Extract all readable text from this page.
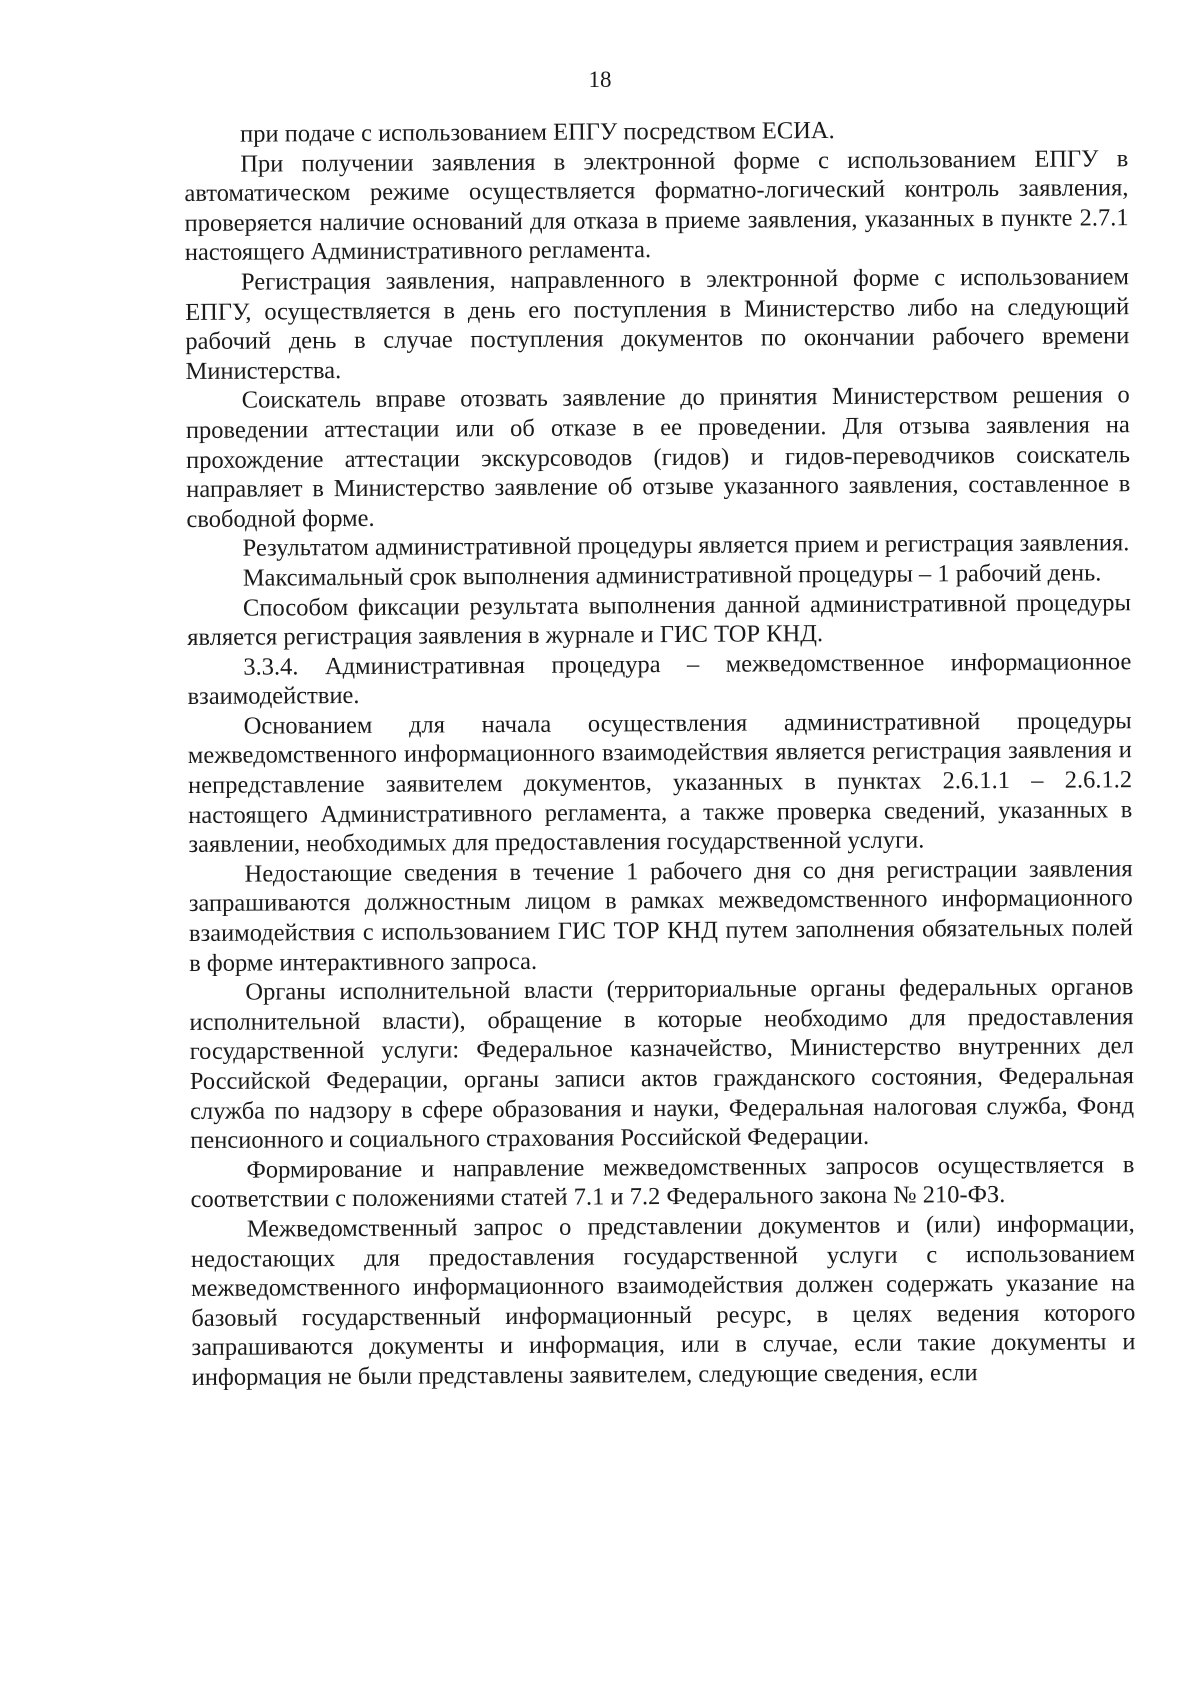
18

при подаче с использованием ЕПГУ посредством ЕСИА.

При получении заявления в электронной форме с использованием ЕПГУ в автоматическом режиме осуществляется форматно-логический контроль заявления, проверяется наличие оснований для отказа в приеме заявления, указанных в пункте 2.7.1 настоящего Административного регламента.

Регистрация заявления, направленного в электронной форме с использованием ЕПГУ, осуществляется в день его поступления в Министерство либо на следующий рабочий день в случае поступления документов по окончании рабочего времени Министерства.

Соискатель вправе отозвать заявление до принятия Министерством решения о проведении аттестации или об отказе в ее проведении. Для отзыва заявления на прохождение аттестации экскурсоводов (гидов) и гидов-переводчиков соискатель направляет в Министерство заявление об отзыве указанного заявления, составленное в свободной форме.

Результатом административной процедуры является прием и регистрация заявления.

Максимальный срок выполнения административной процедуры – 1 рабочий день.

Способом фиксации результата выполнения данной административной процедуры является регистрация заявления в журнале и ГИС ТОР КНД.

3.3.4. Административная процедура – межведомственное информационное взаимодействие.

Основанием для начала осуществления административной процедуры межведомственного информационного взаимодействия является регистрация заявления и непредставление заявителем документов, указанных в пунктах 2.6.1.1 – 2.6.1.2 настоящего Административного регламента, а также проверка сведений, указанных в заявлении, необходимых для предоставления государственной услуги.

Недостающие сведения в течение 1 рабочего дня со дня регистрации заявления запрашиваются должностным лицом в рамках межведомственного информационного взаимодействия с использованием ГИС ТОР КНД путем заполнения обязательных полей в форме интерактивного запроса.

Органы исполнительной власти (территориальные органы федеральных органов исполнительной власти), обращение в которые необходимо для предоставления государственной услуги: Федеральное казначейство, Министерство внутренних дел Российской Федерации, органы записи актов гражданского состояния, Федеральная служба по надзору в сфере образования и науки, Федеральная налоговая служба, Фонд пенсионного и социального страхования Российской Федерации.

Формирование и направление межведомственных запросов осуществляется в соответствии с положениями статей 7.1 и 7.2 Федерального закона № 210-ФЗ.

Межведомственный запрос о представлении документов и (или) информации, недостающих для предоставления государственной услуги с использованием межведомственного информационного взаимодействия должен содержать указание на базовый государственный информационный ресурс, в целях ведения которого запрашиваются документы и информация, или в случае, если такие документы и информация не были представлены заявителем, следующие сведения, если
